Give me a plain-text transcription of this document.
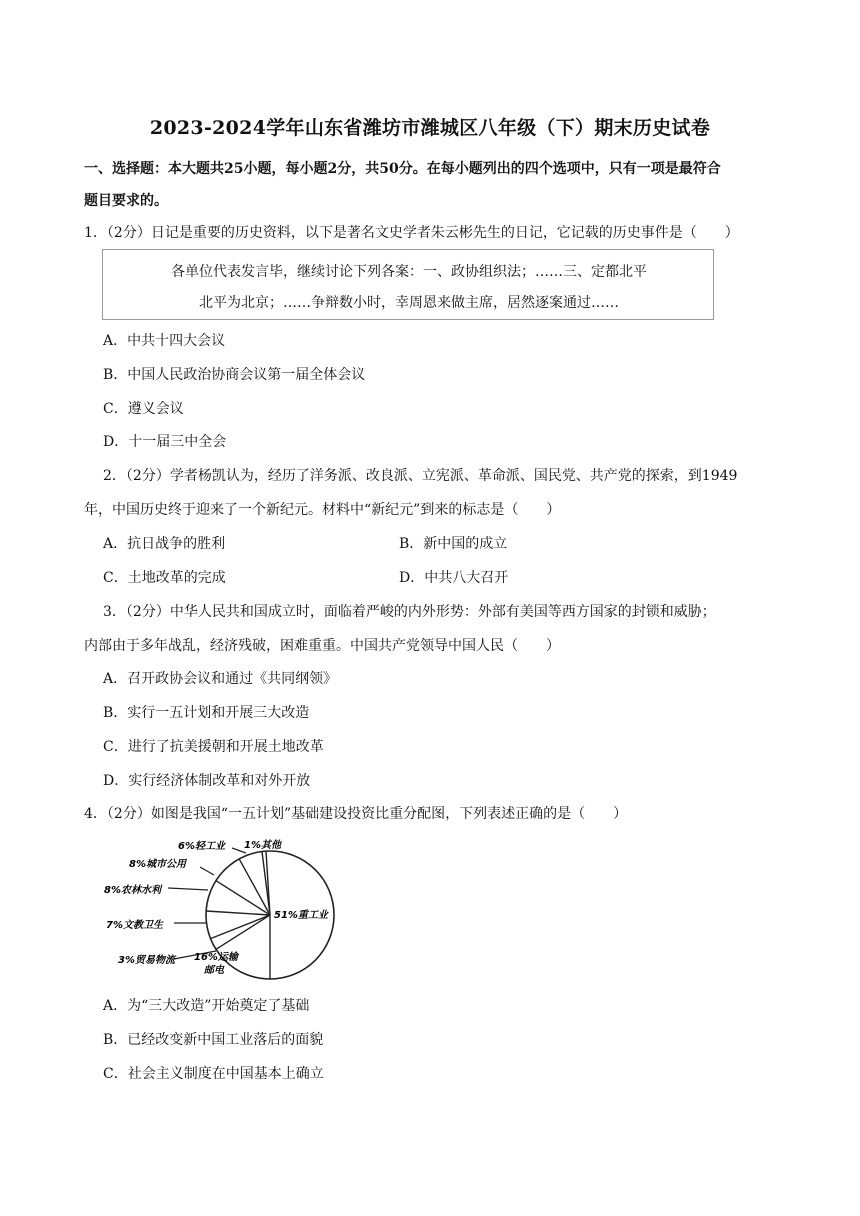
2023-2024学年山东省潍坊市潍城区八年级（下）期末历史试卷
一、选择题：本大题共25小题，每小题2分，共50分。在每小题列出的四个选项中，只有一项是最符合
题目要求的。
1．（2分）日记是重要的历史资料，以下是著名文史学者朱云彬先生的日记，它记载的历史事件是（　　）
各单位代表发言毕，继续讨论下列各案：一、政协组织法；……三、定都北平
北平为北京；……争辩数小时，幸周恩来做主席，居然逐案通过……
A．中共十四大会议
B．中国人民政治协商会议第一届全体会议
C．遵义会议
D．十一届三中全会
2．（2分）学者杨凯认为，经历了洋务派、改良派、立宪派、革命派、国民党、共产党的探索，到1949
年，中国历史终于迎来了一个新纪元。材料中“新纪元”到来的标志是（　　）
A．抗日战争的胜利	B．新中国的成立
C．土地改革的完成	D．中共八大召开
3．（2分）中华人民共和国成立时，面临着严峻的内外形势：外部有美国等西方国家的封锁和威胁；
内部由于多年战乱，经济残破，困难重重。中国共产党领导中国人民（　　）
A．召开政协会议和通过《共同纲领》
B．实行一五计划和开展三大改造
C．进行了抗美援朝和开展土地改革
D．实行经济体制改革和对外开放
4．（2分）如图是我国“一五计划”基础建设投资比重分配图，下列表述正确的是（　　）
51%重工业
16%运输
邮电
3%贸易物流
7%文教卫生
8%农林水利
8%城市公用
6%轻工业 1%其他
A．为“三大改造”开始奠定了基础
B．已经改变新中国工业落后的面貌
C．社会主义制度在中国基本上确立
